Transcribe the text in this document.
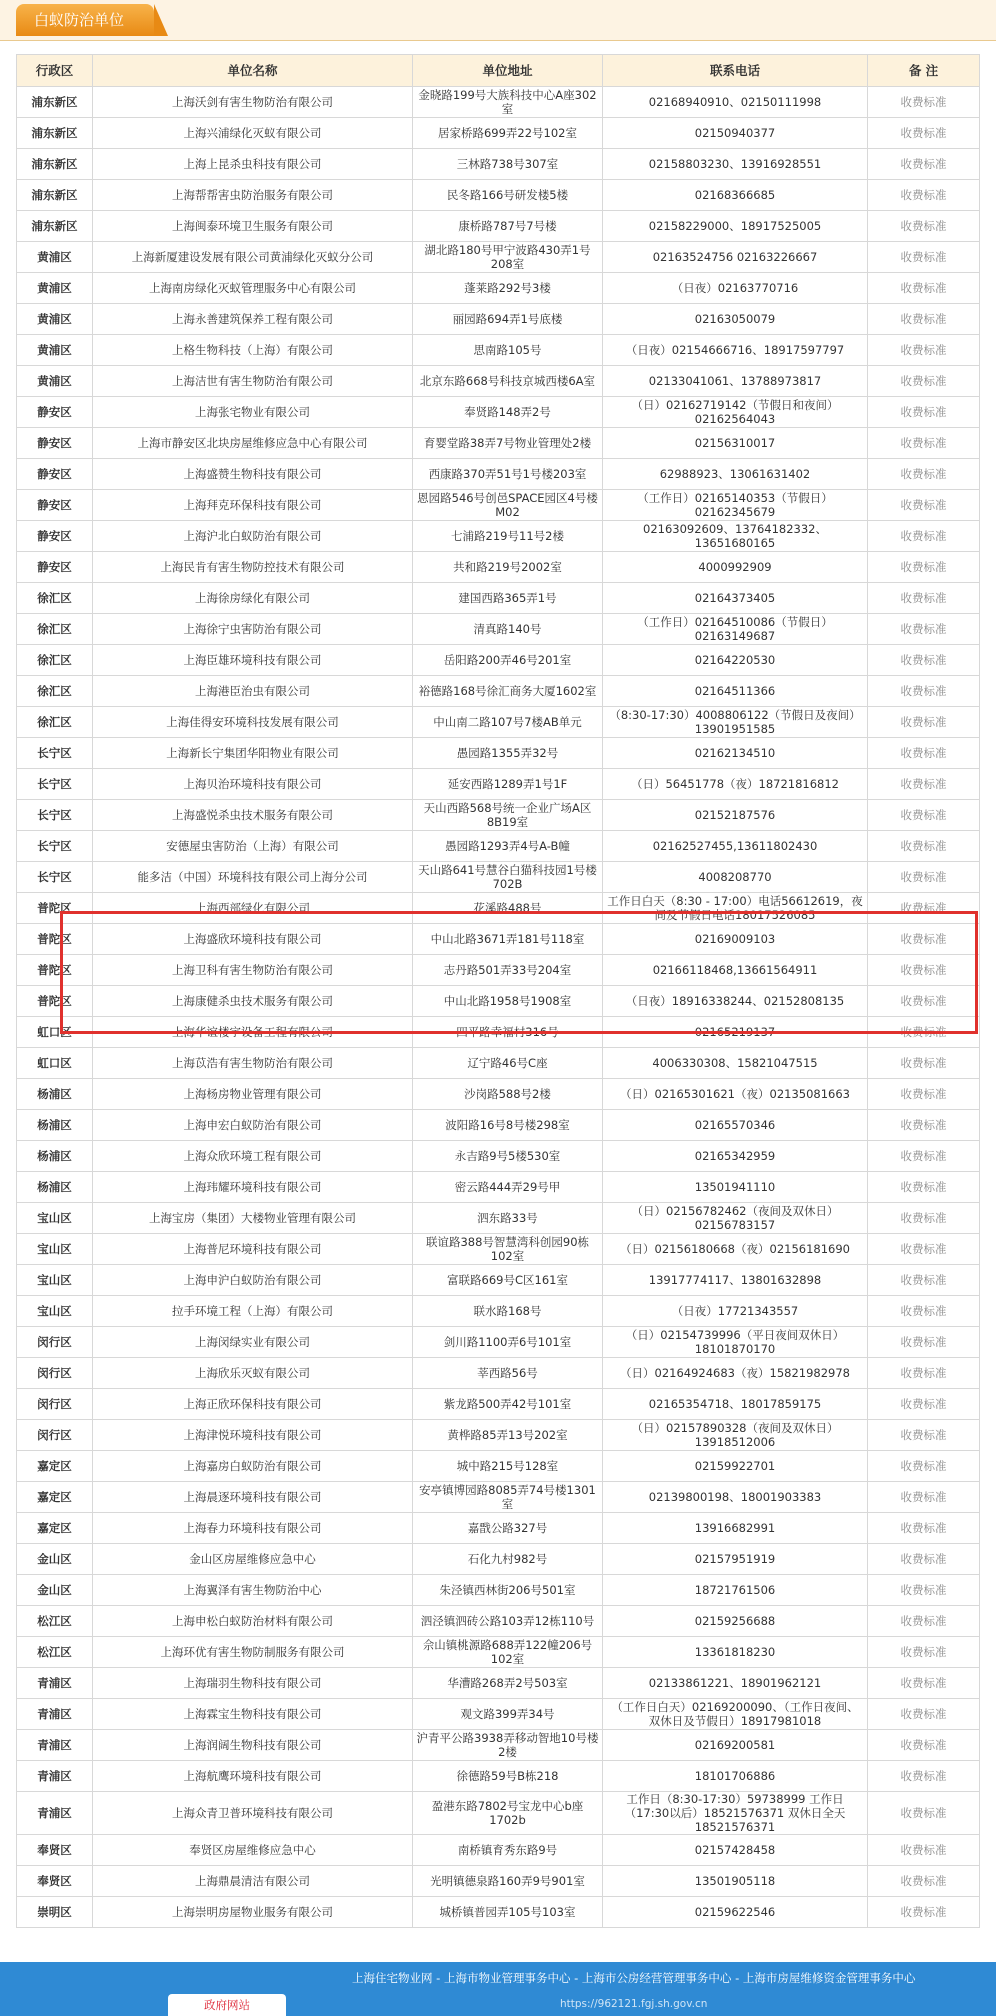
白蚁防治单位
行政区	单位名称	单位地址	联系电话	备 注
浦东新区	上海沃剑有害生物防治有限公司	金晓路199号大族科技中心A座302室	02168940910、02150111998	收费标准
浦东新区	上海兴浦绿化灭蚁有限公司	居家桥路699弄22号102室	02150940377	收费标准
浦东新区	上海上昆杀虫科技有限公司	三林路738号307室	02158803230、13916928551	收费标准
浦东新区	上海帮帮害虫防治服务有限公司	民冬路166号研发楼5楼	02168366685	收费标准
浦东新区	上海闽泰环境卫生服务有限公司	康桥路787号7号楼	02158229000、18917525005	收费标准
黄浦区	上海新厦建设发展有限公司黄浦绿化灭蚁分公司	湖北路180号甲宁波路430弄1号208室	02163524756 02163226667	收费标准
黄浦区	上海南房绿化灭蚁管理服务中心有限公司	蓬莱路292号3楼	（日夜）02163770716	收费标准
黄浦区	上海永善建筑保养工程有限公司	丽园路694弄1号底楼	02163050079	收费标准
黄浦区	上格生物科技（上海）有限公司	思南路105号	（日夜）02154666716、18917597797	收费标准
黄浦区	上海洁世有害生物防治有限公司	北京东路668号科技京城西楼6A室	02133041061、13788973817	收费标准
静安区	上海张宅物业有限公司	奉贤路148弄2号	（日）02162719142（节假日和夜间）02162564043	收费标准
静安区	上海市静安区北块房屋维修应急中心有限公司	育婴堂路38弄7号物业管理处2楼	02156310017	收费标准
静安区	上海盛赞生物科技有限公司	西康路370弄51号1号楼203室	62988923、13061631402	收费标准
静安区	上海拜克环保科技有限公司	恩园路546号创邑SPACE园区4号楼M02	（工作日）02165140353（节假日）02162345679	收费标准
静安区	上海沪北白蚁防治有限公司	七浦路219号11号2楼	02163092609、13764182332、13651680165	收费标准
静安区	上海民肯有害生物防控技术有限公司	共和路219号2002室	4000992909	收费标准
徐汇区	上海徐房绿化有限公司	建国西路365弄1号	02164373405	收费标准
徐汇区	上海徐宁虫害防治有限公司	清真路140号	（工作日）02164510086（节假日）02163149687	收费标准
徐汇区	上海臣雄环境科技有限公司	岳阳路200弄46号201室	02164220530	收费标准
徐汇区	上海港臣治虫有限公司	裕德路168号徐汇商务大厦1602室	02164511366	收费标准
徐汇区	上海佳得安环境科技发展有限公司	中山南二路107号7楼AB单元	（8:30-17:30）4008806122（节假日及夜间）13901951585	收费标准
长宁区	上海新长宁集团华阳物业有限公司	愚园路1355弄32号	02162134510	收费标准
长宁区	上海贝治环境科技有限公司	延安西路1289弄1号1F	（日）56451778（夜）18721816812	收费标准
长宁区	上海盛悦杀虫技术服务有限公司	天山西路568号统一企业广场A区8B19室	02152187576	收费标准
长宁区	安德屋虫害防治（上海）有限公司	愚园路1293弄4号A-B幢	02162527455,13611802430	收费标准
长宁区	能多洁（中国）环境科技有限公司上海分公司	天山路641号慧谷白猫科技园1号楼702B	4008208770	收费标准
普陀区	上海西部绿化有限公司	花溪路488号	工作日白天（8:30 - 17:00）电话56612619，夜间及节假日电话18017526085	收费标准
普陀区	上海盛欣环境科技有限公司	中山北路3671弄181号118室	02169009103	收费标准
普陀区	上海卫科有害生物防治有限公司	志丹路501弄33号204室	02166118468,13661564911	收费标准
普陀区	上海康健杀虫技术服务有限公司	中山北路1958号1908室	（日夜）18916338244、02152808135	收费标准
虹口区	上海华谊楼宇设备工程有限公司	四平路幸福村316号	02165219137	收费标准
虹口区	上海苡浩有害生物防治有限公司	辽宁路46号C座	4006330308、15821047515	收费标准
杨浦区	上海杨房物业管理有限公司	沙岗路588号2楼	（日）02165301621（夜）02135081663	收费标准
杨浦区	上海申宏白蚁防治有限公司	波阳路16号8号楼298室	02165570346	收费标准
杨浦区	上海众欣环境工程有限公司	永吉路9号5楼530室	02165342959	收费标准
杨浦区	上海玮耀环境科技有限公司	密云路444弄29号甲	13501941110	收费标准
宝山区	上海宝房（集团）大楼物业管理有限公司	泗东路33号	（日）02156782462（夜间及双休日）02156783157	收费标准
宝山区	上海普尼环境科技有限公司	联谊路388号智慧湾科创园90栋102室	（日）02156180668（夜）02156181690	收费标准
宝山区	上海申沪白蚁防治有限公司	富联路669号C区161室	13917774117、13801632898	收费标准
宝山区	拉手环境工程（上海）有限公司	联水路168号	（日夜）17721343557	收费标准
闵行区	上海闵绿实业有限公司	剑川路1100弄6号101室	（日）02154739996（平日夜间双休日）18101870170	收费标准
闵行区	上海欣乐灭蚁有限公司	莘西路56号	（日）02164924683（夜）15821982978	收费标准
闵行区	上海正欣环保科技有限公司	紫龙路500弄42号101室	02165354718、18017859175	收费标准
闵行区	上海津悦环境科技有限公司	黄桦路85弄13号202室	（日）02157890328（夜间及双休日）13918512006	收费标准
嘉定区	上海嘉房白蚁防治有限公司	城中路215号128室	02159922701	收费标准
嘉定区	上海晨逐环境科技有限公司	安亭镇博园路8085弄74号楼1301室	02139800198、18001903383	收费标准
嘉定区	上海春力环境科技有限公司	嘉戬公路327号	13916682991	收费标准
金山区	金山区房屋维修应急中心	石化九村982号	02157951919	收费标准
金山区	上海翼泽有害生物防治中心	朱泾镇西林街206号501室	18721761506	收费标准
松江区	上海申松白蚁防治材料有限公司	泗泾镇泗砖公路103弄12栋110号	02159256688	收费标准
松江区	上海环优有害生物防制服务有限公司	佘山镇桃源路688弄122幢206号102室	13361818230	收费标准
青浦区	上海瑞羽生物科技有限公司	华漕路268弄2号503室	02133861221、18901962121	收费标准
青浦区	上海霖宝生物科技有限公司	观文路399弄34号	（工作日白天）02169200090、（工作日夜间、双休日及节假日）18917981018	收费标准
青浦区	上海润阔生物科技有限公司	沪青平公路3938弄移动智地10号楼2楼	02169200581	收费标准
青浦区	上海航鹰环境科技有限公司	徐德路59号B栋218	18101706886	收费标准
青浦区	上海众青卫普环境科技有限公司	盈港东路7802号宝龙中心b座1702b	工作日（8:30-17:30）59738999 工作日（17:30以后）18521576371 双休日全天 18521576371	收费标准
奉贤区	奉贤区房屋维修应急中心	南桥镇育秀东路9号	02157428458	收费标准
奉贤区	上海鼎晨清洁有限公司	光明镇德泉路160弄9号901室	13501905118	收费标准
崇明区	上海崇明房屋物业服务有限公司	城桥镇普园弄105号103室	02159622546	收费标准
上海住宅物业网 - 上海市物业管理事务中心 - 上海市公房经营管理事务中心 - 上海市房屋维修资金管理事务中心
政府网站	https://962121.fgj.sh.gov.cn
